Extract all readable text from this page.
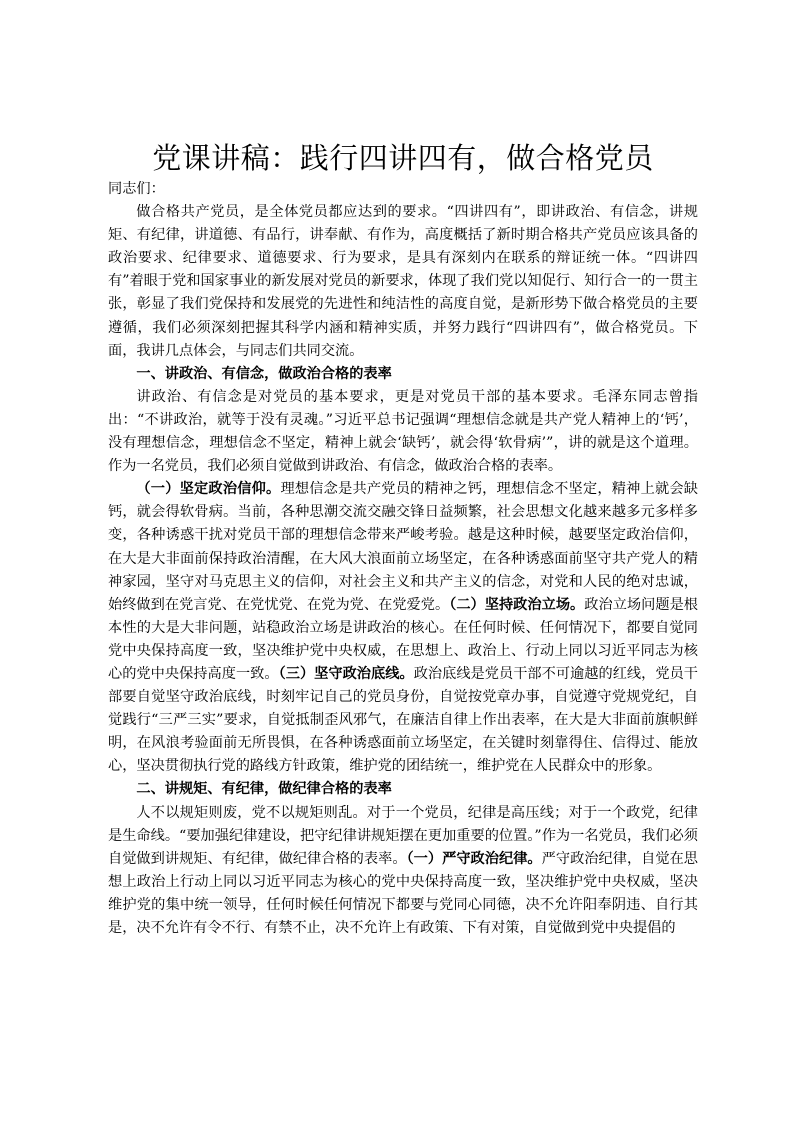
党课讲稿：践行四讲四有，做合格党员

同志们：

做合格共产党员，是全体党员都应达到的要求。“四讲四有”，即讲政治、有信念，讲规矩、有纪律，讲道德、有品行，讲奉献、有作为，高度概括了新时期合格共产党员应该具备的政治要求、纪律要求、道德要求、行为要求，是具有深刻内在联系的辩证统一体。“四讲四有”着眼于党和国家事业的新发展对党员的新要求，体现了我们党以知促行、知行合一的一贯主张，彰显了我们党保持和发展党的先进性和纯洁性的高度自觉，是新形势下做合格党员的主要遵循，我们必须深刻把握其科学内涵和精神实质，并努力践行“四讲四有”，做合格党员。下面，我讲几点体会，与同志们共同交流。

一、讲政治、有信念，做政治合格的表率

讲政治、有信念是对党员的基本要求，更是对党员干部的基本要求。毛泽东同志曾指出：“不讲政治，就等于没有灵魂。”习近平总书记强调“理想信念就是共产党人精神上的‘钙’，没有理想信念，理想信念不坚定，精神上就会‘缺钙’，就会得‘软骨病’”，讲的就是这个道理。作为一名党员，我们必须自觉做到讲政治、有信念，做政治合格的表率。

（一）坚定政治信仰。理想信念是共产党员的精神之钙，理想信念不坚定，精神上就会缺钙，就会得软骨病。当前，各种思潮交流交融交锋日益频繁，社会思想文化越来越多元多样多变，各种诱惑干扰对党员干部的理想信念带来严峻考验。越是这种时候，越要坚定政治信仰，在大是大非面前保持政治清醒，在大风大浪面前立场坚定，在各种诱惑面前坚守共产党人的精神家园，坚守对马克思主义的信仰，对社会主义和共产主义的信念，对党和人民的绝对忠诚，始终做到在党言党、在党忧党、在党为党、在党爱党。（二）坚持政治立场。政治立场问题是根本性的大是大非问题，站稳政治立场是讲政治的核心。在任何时候、任何情况下，都要自觉同党中央保持高度一致，坚决维护党中央权威，在思想上、政治上、行动上同以习近平同志为核心的党中央保持高度一致。（三）坚守政治底线。政治底线是党员干部不可逾越的红线，党员干部要自觉坚守政治底线，时刻牢记自己的党员身份，自觉按党章办事，自觉遵守党规党纪，自觉践行“三严三实”要求，自觉抵制歪风邪气，在廉洁自律上作出表率，在大是大非面前旗帜鲜明，在风浪考验面前无所畏惧，在各种诱惑面前立场坚定，在关键时刻靠得住、信得过、能放心，坚决贯彻执行党的路线方针政策，维护党的团结统一，维护党在人民群众中的形象。

二、讲规矩、有纪律，做纪律合格的表率

人不以规矩则废，党不以规矩则乱。对于一个党员，纪律是高压线；对于一个政党，纪律是生命线。“要加强纪律建设，把守纪律讲规矩摆在更加重要的位置。”作为一名党员，我们必须自觉做到讲规矩、有纪律，做纪律合格的表率。（一）严守政治纪律。严守政治纪律，自觉在思想上政治上行动上同以习近平同志为核心的党中央保持高度一致，坚决维护党中央权威，坚决维护党的集中统一领导，任何时候任何情况下都要与党同心同德，决不允许阳奉阴违、自行其是，决不允许有令不行、有禁不止，决不允许上有政策、下有对策，自觉做到党中央提倡的
